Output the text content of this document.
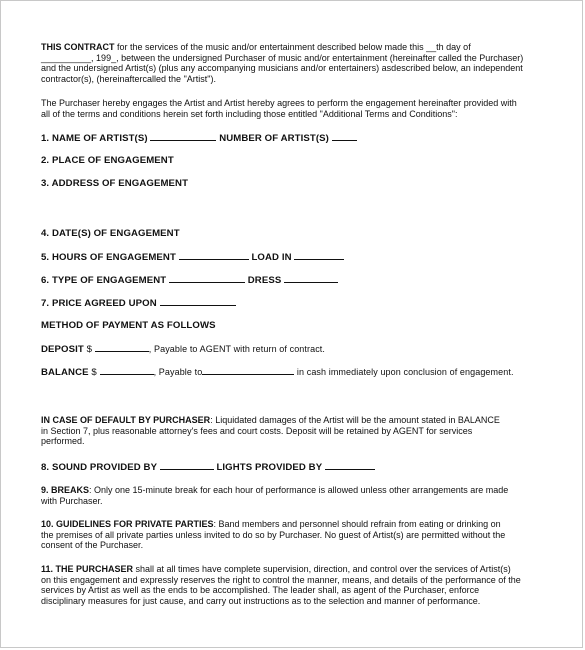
THIS CONTRACT for the services of the music and/or entertainment described below made this __th day of
__________, 199_, between the undersigned Purchaser of music and/or entertainment (hereinafter called the Purchaser)
and the undersigned Artist(s) (plus any accompanying musicians and/or entertainers) asdescribed below, an independent
contractor(s), (hereinaftercalled the "Artist").
The Purchaser hereby engages the Artist and Artist hereby agrees to perform the engagement hereinafter provided with
all of the terms and conditions herein set forth including those entitled "Additional Terms and Conditions":
1. NAME OF ARTIST(S)	NUMBER OF ARTIST(S)
2. PLACE OF ENGAGEMENT
3. ADDRESS OF ENGAGEMENT
4. DATE(S) OF ENGAGEMENT
5. HOURS OF ENGAGEMENT	LOAD IN
6. TYPE OF ENGAGEMENT	DRESS
7. PRICE AGREED UPON
METHOD OF PAYMENT AS FOLLOWS
DEPOSIT $	, Payable to AGENT with return of contract.
BALANCE $	, Payable to	in cash immediately upon conclusion of engagement.
IN CASE OF DEFAULT BY PURCHASER: Liquidated damages of the Artist will be the amount stated in BALANCE
in Section 7, plus reasonable attorney's fees and court costs. Deposit will be retained by AGENT for services
performed.
8. SOUND PROVIDED BY	LIGHTS PROVIDED BY
9. BREAKS: Only one 15-minute break for each hour of performance is allowed unless other arrangements are made
with Purchaser.
10. GUIDELINES FOR PRIVATE PARTIES: Band members and personnel should refrain from eating or drinking on
the premises of all private parties unless invited to do so by Purchaser. No guest of Artist(s) are permitted without the
consent of the Purchaser.
11. THE PURCHASER shall at all times have complete supervision, direction, and control over the services of Artist(s)
on this engagement and expressly reserves the right to control the manner, means, and details of the performance of the
services by Artist as well as the ends to be accomplished. The leader shall, as agent of the Purchaser, enforce
disciplinary measures for just cause, and carry out instructions as to the selection and manner of performance.
